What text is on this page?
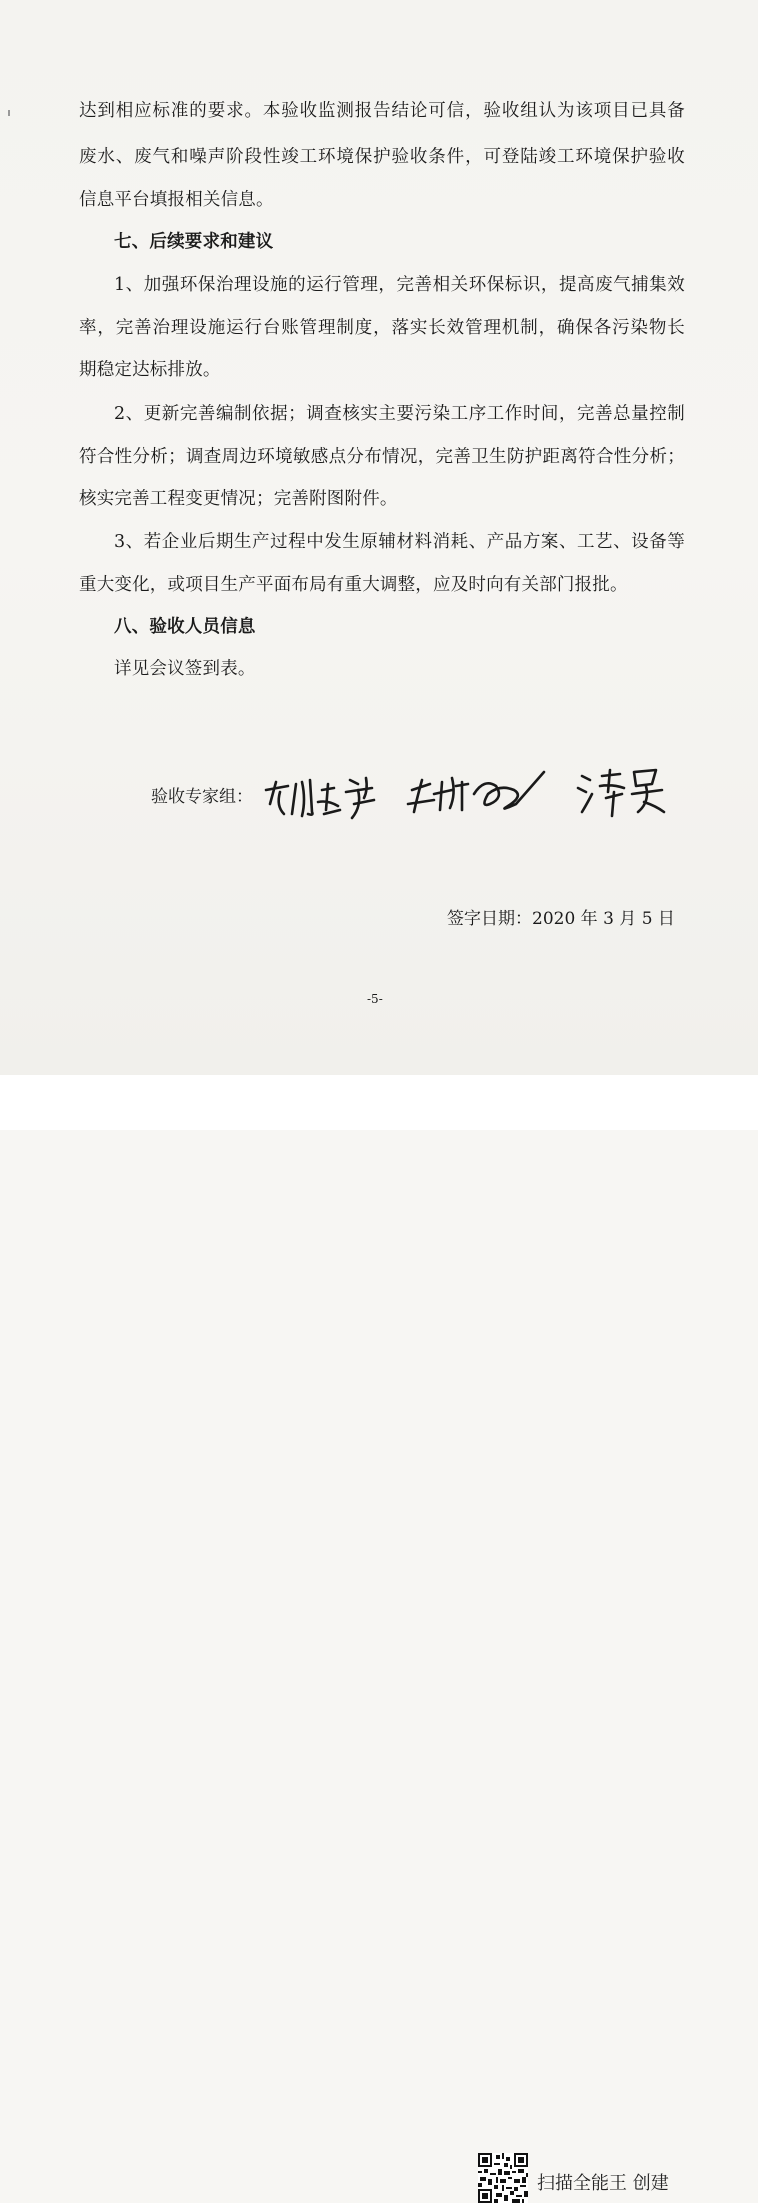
达到相应标准的要求。本验收监测报告结论可信，验收组认为该项目已具备
废水、废气和噪声阶段性竣工环境保护验收条件，可登陆竣工环境保护验收
信息平台填报相关信息。
七、后续要求和建议
1、加强环保治理设施的运行管理，完善相关环保标识，提高废气捕集效
率，完善治理设施运行台账管理制度，落实长效管理机制，确保各污染物长
期稳定达标排放。
2、更新完善编制依据；调查核实主要污染工序工作时间，完善总量控制
符合性分析；调查周边环境敏感点分布情况，完善卫生防护距离符合性分析；
核实完善工程变更情况；完善附图附件。
3、若企业后期生产过程中发生原辅材料消耗、产品方案、工艺、设备等
重大变化，或项目生产平面布局有重大调整，应及时向有关部门报批。
八、验收人员信息
详见会议签到表。
验收专家组：
签字日期：2020 年 3 月 5 日
-5-
扫描全能王 创建
